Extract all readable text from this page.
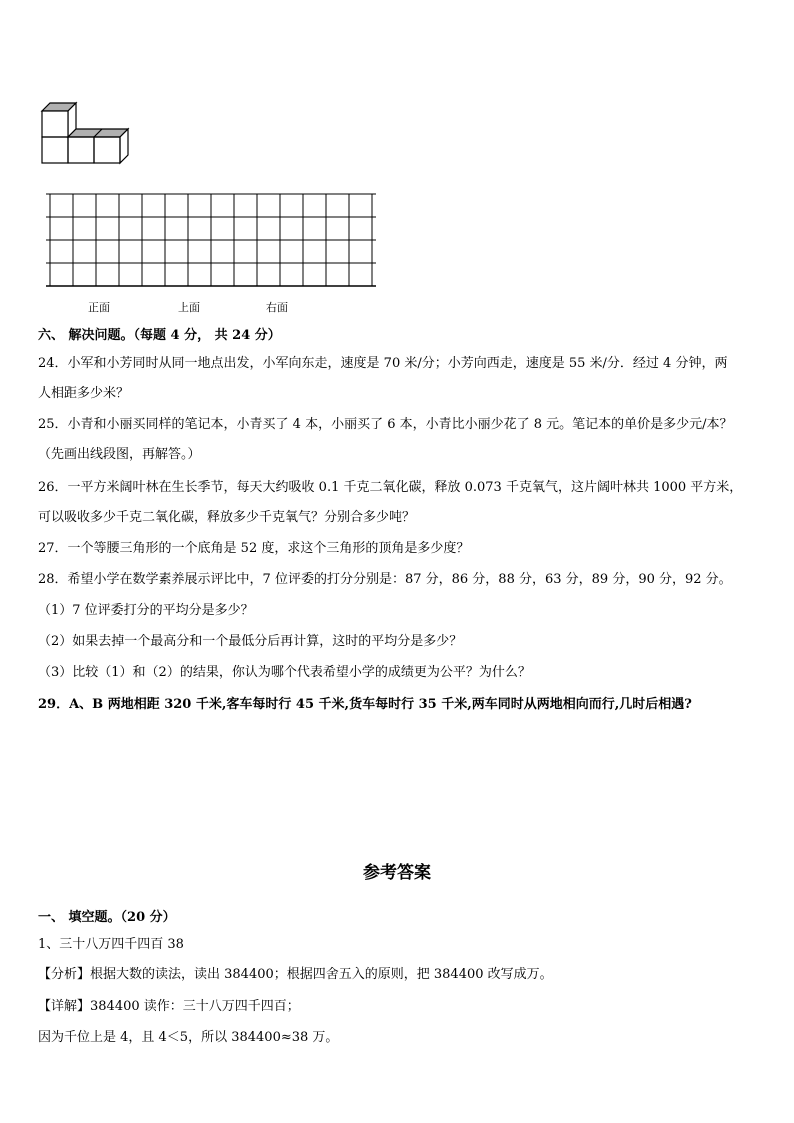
正面	上面	右面
六、 解决问题。（每题 4 分， 共 24 分）
24．小军和小芳同时从同一地点出发，小军向东走，速度是 70 米/分；小芳向西走，速度是 55 米/分．经过 4 分钟，两
人相距多少米？
25．小青和小丽买同样的笔记本，小青买了 4 本，小丽买了 6 本，小青比小丽少花了 8 元。笔记本的单价是多少元/本？
（先画出线段图，再解答。）
26．一平方米阔叶林在生长季节，每天大约吸收 0.1 千克二氧化碳，释放 0.073 千克氧气，这片阔叶林共 1000 平方米，
可以吸收多少千克二氧化碳，释放多少千克氧气？分别合多少吨？
27．一个等腰三角形的一个底角是 52 度，求这个三角形的顶角是多少度？
28．希望小学在数学素养展示评比中，7 位评委的打分分别是：87 分，86 分，88 分，63 分，89 分，90 分，92 分。
（1）7 位评委打分的平均分是多少？
（2）如果去掉一个最高分和一个最低分后再计算，这时的平均分是多少？
（3）比较（1）和（2）的结果，你认为哪个代表希望小学的成绩更为公平？为什么？
29．A、B 两地相距 320 千米,客车每时行 45 千米,货车每时行 35 千米,两车同时从两地相向而行,几时后相遇?
参考答案
一、 填空题。（20 分）
1、三十八万四千四百 38
【分析】根据大数的读法，读出 384400；根据四舍五入的原则，把 384400 改写成万。
【详解】384400 读作：三十八万四千四百；
因为千位上是 4，且 4＜5，所以 384400≈38 万。
